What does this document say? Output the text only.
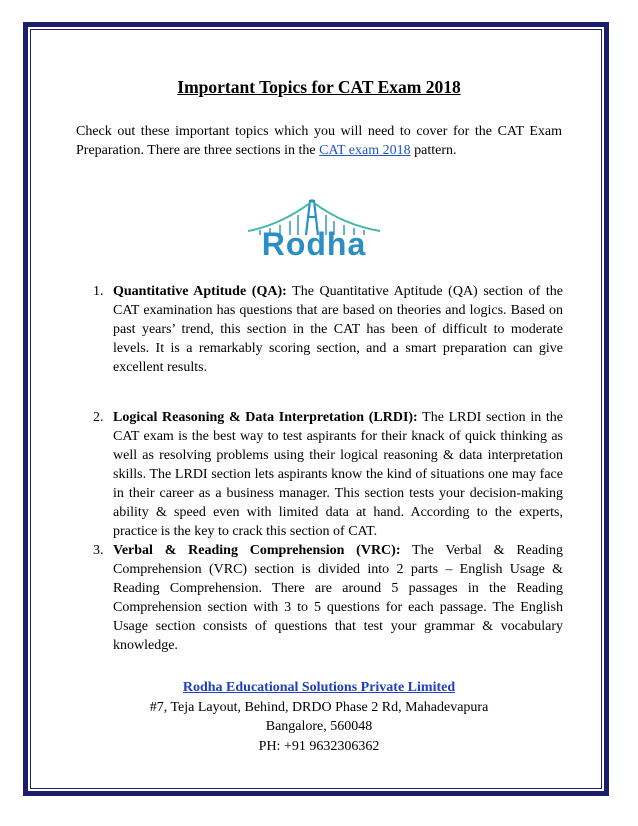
Important Topics for CAT Exam 2018
Check out these important topics which you will need to cover for the CAT Exam Preparation. There are three sections in the CAT exam 2018 pattern.
Rodha
1. Quantitative Aptitude (QA): The Quantitative Aptitude (QA) section of the CAT examination has questions that are based on theories and logics. Based on past years’ trend, this section in the CAT has been of difficult to moderate levels. It is a remarkably scoring section, and a smart preparation can give excellent results.
2. Logical Reasoning & Data Interpretation (LRDI): The LRDI section in the CAT exam is the best way to test aspirants for their knack of quick thinking as well as resolving problems using their logical reasoning & data interpretation skills. The LRDI section lets aspirants know the kind of situations one may face in their career as a business manager. This section tests your decision-making ability & speed even with limited data at hand. According to the experts, practice is the key to crack this section of CAT.
3. Verbal & Reading Comprehension (VRC): The Verbal & Reading Comprehension (VRC) section is divided into 2 parts – English Usage & Reading Comprehension. There are around 5 passages in the Reading Comprehension section with 3 to 5 questions for each passage. The English Usage section consists of questions that test your grammar & vocabulary knowledge.
Rodha Educational Solutions Private Limited
#7, Teja Layout, Behind, DRDO Phase 2 Rd, Mahadevapura
Bangalore, 560048
PH: +91 9632306362
